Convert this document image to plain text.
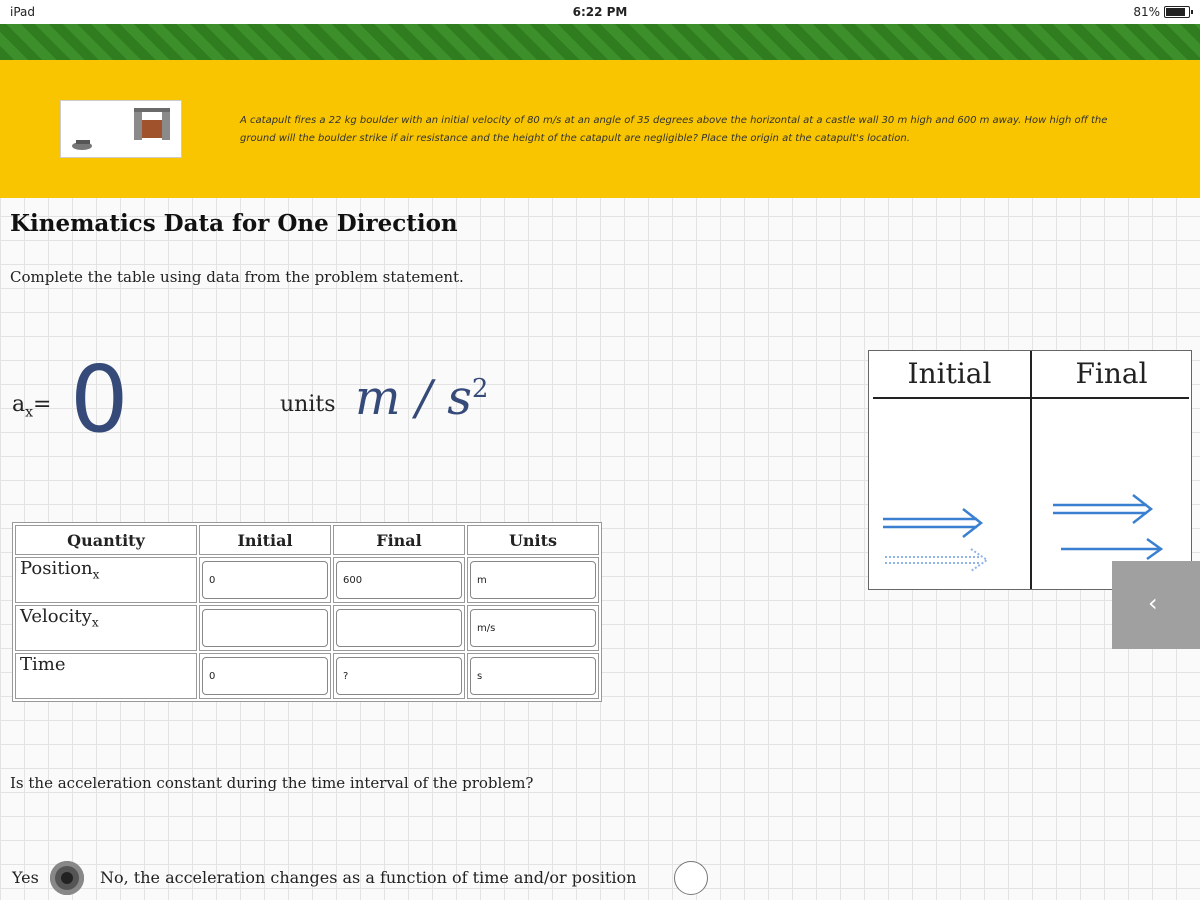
iPad	6:22 PM	81%
A catapult fires a 22 kg boulder with an initial velocity of 80 m/s at an angle of 35 degrees above the horizontal at a castle wall 30 m high and 600 m away. How high off the ground will the boulder strike if air resistance and the height of the catapult are negligible? Place the origin at the catapult's location.
Kinematics Data for One Direction
Complete the table using data from the problem statement.
$a_x= 0$	units m / $s^2$
Quantity	Initial	Final	Units
Position$_x$	0	600	m

Velocity$_x$			m/s

Time	0	?	s
Initial	Final
‹
Is the acceleration constant during the time interval of the problem?
Yes	No, the acceleration changes as a function of time and/or position
